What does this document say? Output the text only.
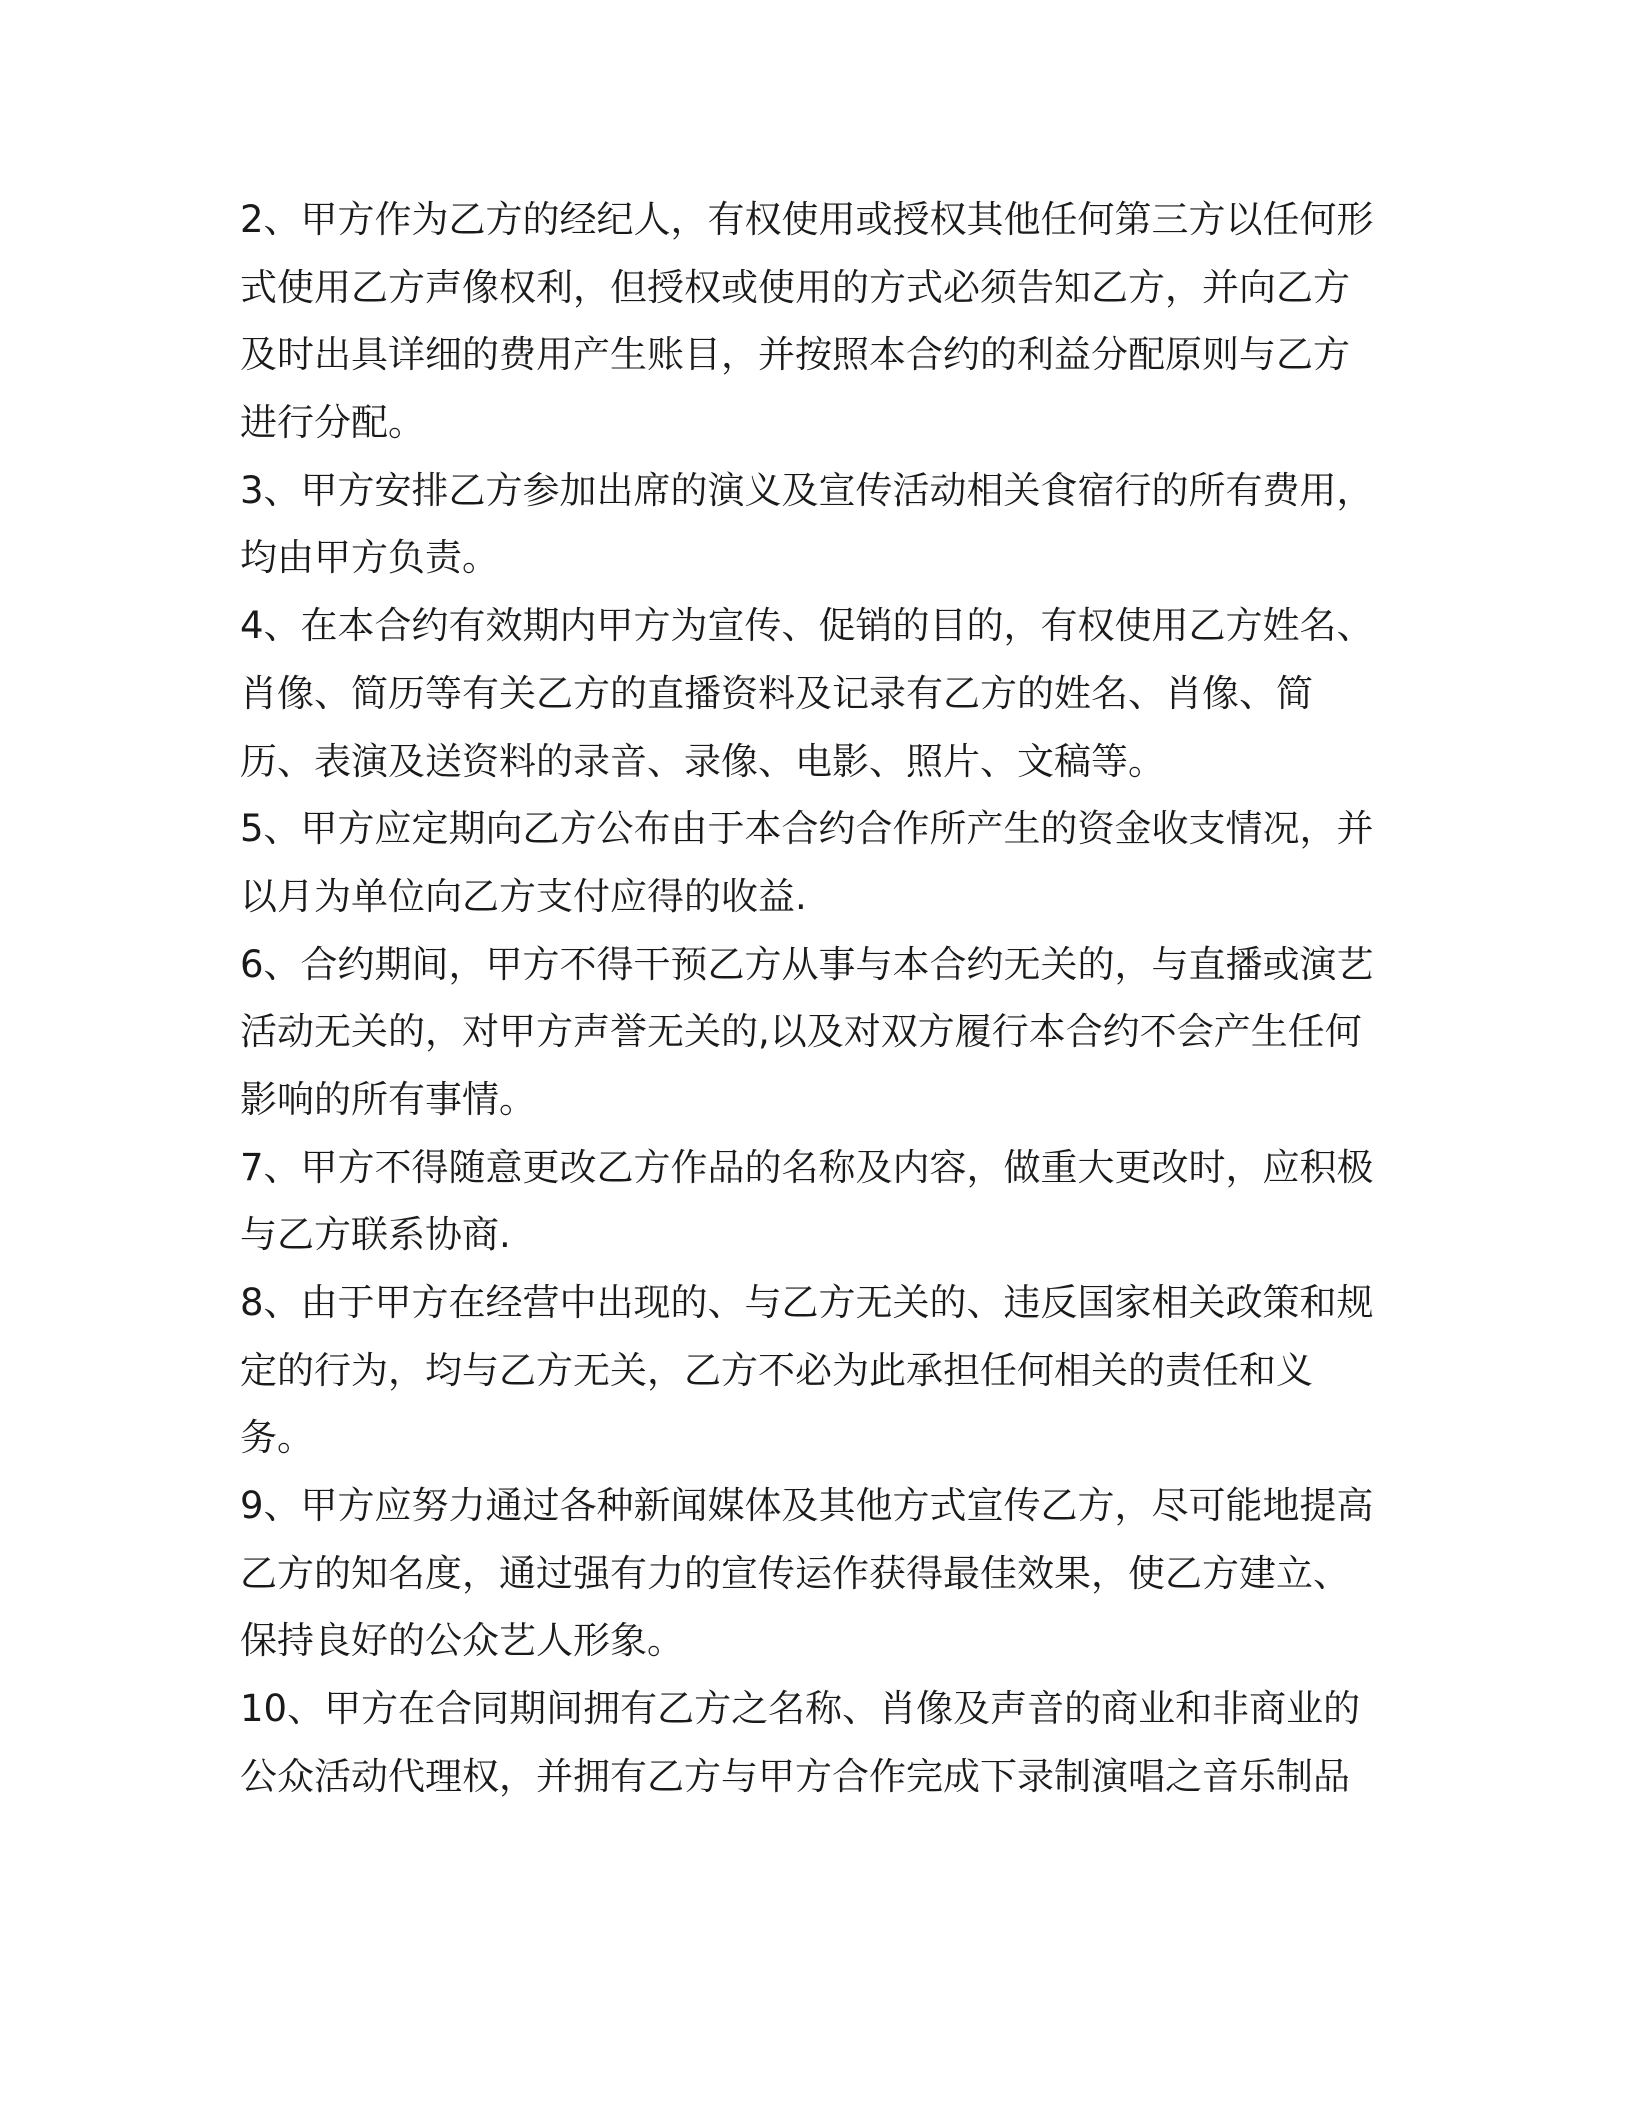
2、甲方作为乙方的经纪人，有权使用或授权其他任何第三方以任何形
式使用乙方声像权利，但授权或使用的方式必须告知乙方，并向乙方
及时出具详细的费用产生账目，并按照本合约的利益分配原则与乙方
进行分配。

3、甲方安排乙方参加出席的演义及宣传活动相关食宿行的所有费用，
均由甲方负责。

4、在本合约有效期内甲方为宣传、促销的目的，有权使用乙方姓名、
肖像、简历等有关乙方的直播资料及记录有乙方的姓名、肖像、简
历、表演及送资料的录音、录像、电影、照片、文稿等。

5、甲方应定期向乙方公布由于本合约合作所产生的资金收支情况，并
以月为单位向乙方支付应得的收益.

6、合约期间，甲方不得干预乙方从事与本合约无关的，与直播或演艺
活动无关的，对甲方声誉无关的,以及对双方履行本合约不会产生任何
影响的所有事情。

7、甲方不得随意更改乙方作品的名称及内容，做重大更改时，应积极
与乙方联系协商.

8、由于甲方在经营中出现的、与乙方无关的、违反国家相关政策和规
定的行为，均与乙方无关，乙方不必为此承担任何相关的责任和义
务。

9、甲方应努力通过各种新闻媒体及其他方式宣传乙方，尽可能地提高
乙方的知名度，通过强有力的宣传运作获得最佳效果，使乙方建立、
保持良好的公众艺人形象。

10、甲方在合同期间拥有乙方之名称、肖像及声音的商业和非商业的
公众活动代理权，并拥有乙方与甲方合作完成下录制演唱之音乐制品
